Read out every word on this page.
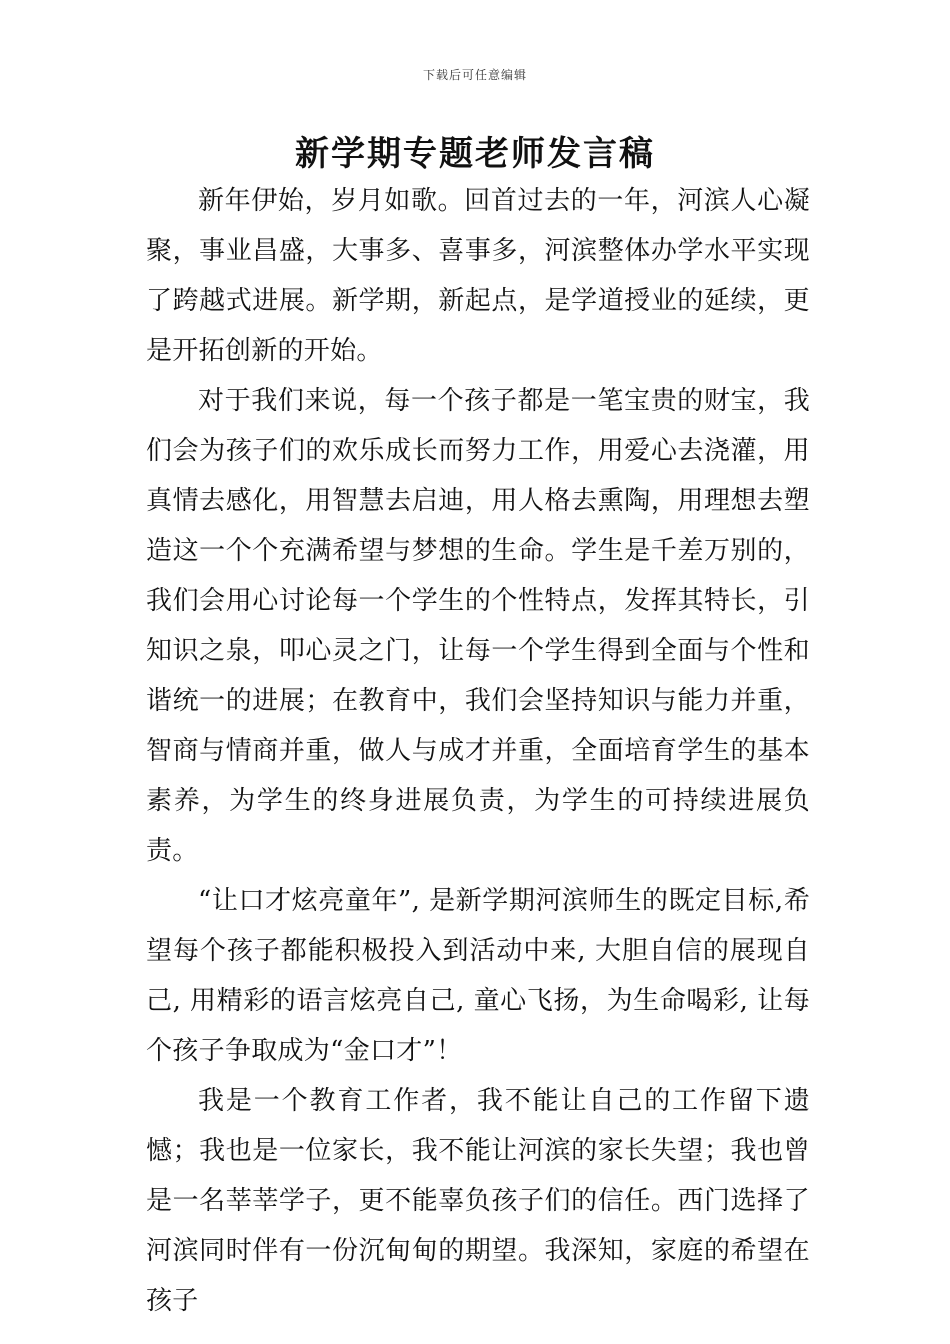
下载后可任意编辑
新学期专题老师发言稿

新年伊始，岁月如歌。回首过去的一年，河滨人心凝聚，事业昌盛，大事多、喜事多，河滨整体办学水平实现了跨越式进展。新学期，新起点，是学道授业的延续，更是开拓创新的开始。

对于我们来说，每一个孩子都是一笔宝贵的财宝，我们会为孩子们的欢乐成长而努力工作，用爱心去浇灌，用真情去感化，用智慧去启迪，用人格去熏陶，用理想去塑造这一个个充满希望与梦想的生命。学生是千差万别的，我们会用心讨论每一个学生的个性特点，发挥其特长，引知识之泉，叩心灵之门，让每一个学生得到全面与个性和谐统一的进展；在教育中，我们会坚持知识与能力并重，智商与情商并重，做人与成才并重，全面培育学生的基本素养，为学生的终身进展负责，为学生的可持续进展负责。

“让口才炫亮童年”, 是新学期河滨师生的既定目标,希望每个孩子都能积极投入到活动中来, 大胆自信的展现自己, 用精彩的语言炫亮自己, 童心飞扬，为生命喝彩, 让每个孩子争取成为“金口才”！

我是一个教育工作者，我不能让自己的工作留下遗憾；我也是一位家长，我不能让河滨的家长失望；我也曾是一名莘莘学子，更不能辜负孩子们的信任。西门选择了河滨同时伴有一份沉甸甸的期望。我深知，家庭的希望在孩子
